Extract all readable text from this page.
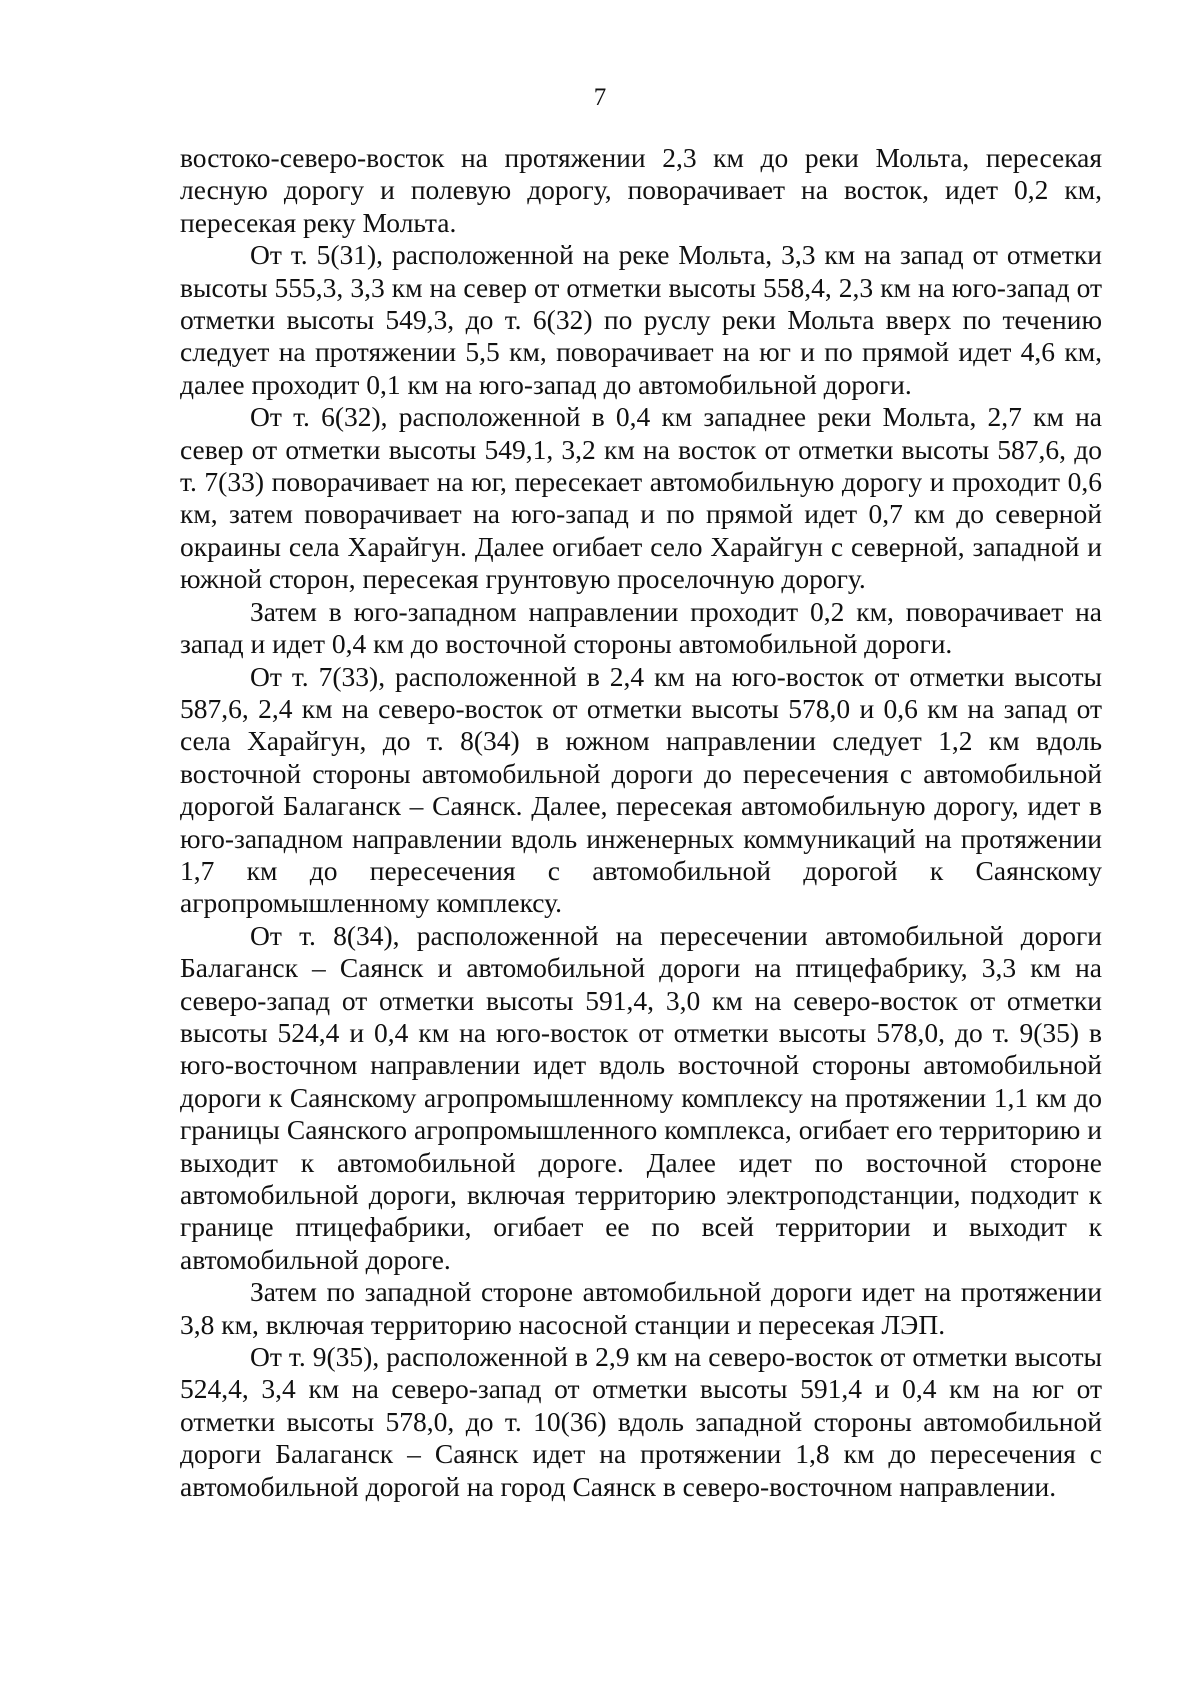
7

востоко-северо-восток на протяжении 2,3 км до реки Мольта, пересекая лесную дорогу и полевую дорогу, поворачивает на восток, идет 0,2 км, пересекая реку Мольта.

От т. 5(31), расположенной на реке Мольта, 3,3 км на запад от отметки высоты 555,3, 3,3 км на север от отметки высоты 558,4, 2,3 км на юго-запад от отметки высоты 549,3, до т. 6(32) по руслу реки Мольта вверх по течению следует на протяжении 5,5 км, поворачивает на юг и по прямой идет 4,6 км, далее проходит 0,1 км на юго-запад до автомобильной дороги.

От т. 6(32), расположенной в 0,4 км западнее реки Мольта, 2,7 км на север от отметки высоты 549,1, 3,2 км на восток от отметки высоты 587,6, до т. 7(33) поворачивает на юг, пересекает автомобильную дорогу и проходит 0,6 км, затем поворачивает на юго-запад и по прямой идет 0,7 км до северной окраины села Харайгун. Далее огибает село Харайгун с северной, западной и южной сторон, пересекая грунтовую проселочную дорогу.

Затем в юго-западном направлении проходит 0,2 км, поворачивает на запад и идет 0,4 км до восточной стороны автомобильной дороги.

От т. 7(33), расположенной в 2,4 км на юго-восток от отметки высоты 587,6, 2,4 км на северо-восток от отметки высоты 578,0 и 0,6 км на запад от села Харайгун, до т. 8(34) в южном направлении следует 1,2 км вдоль восточной стороны автомобильной дороги до пересечения с автомобильной дорогой Балаганск – Саянск. Далее, пересекая автомобильную дорогу, идет в юго-западном направлении вдоль инженерных коммуникаций на протяжении 1,7 км до пересечения с автомобильной дорогой к Саянскому агропромышленному комплексу.

От т. 8(34), расположенной на пересечении автомобильной дороги Балаганск – Саянск и автомобильной дороги на птицефабрику, 3,3 км на северо-запад от отметки высоты 591,4, 3,0 км на северо-восток от отметки высоты 524,4 и 0,4 км на юго-восток от отметки высоты 578,0, до т. 9(35) в юго-восточном направлении идет вдоль восточной стороны автомобильной дороги к Саянскому агропромышленному комплексу на протяжении 1,1 км до границы Саянского агропромышленного комплекса, огибает его территорию и выходит к автомобильной дороге. Далее идет по восточной стороне автомобильной дороги, включая территорию электроподстанции, подходит к границе птицефабрики, огибает ее по всей территории и выходит к автомобильной дороге.

Затем по западной стороне автомобильной дороги идет на протяжении 3,8 км, включая территорию насосной станции и пересекая ЛЭП.

От т. 9(35), расположенной в 2,9 км на северо-восток от отметки высоты 524,4, 3,4 км на северо-запад от отметки высоты 591,4 и 0,4 км на юг от отметки высоты 578,0, до т. 10(36) вдоль западной стороны автомобильной дороги Балаганск – Саянск идет на протяжении 1,8 км до пересечения с автомобильной дорогой на город Саянск в северо-восточном направлении.
